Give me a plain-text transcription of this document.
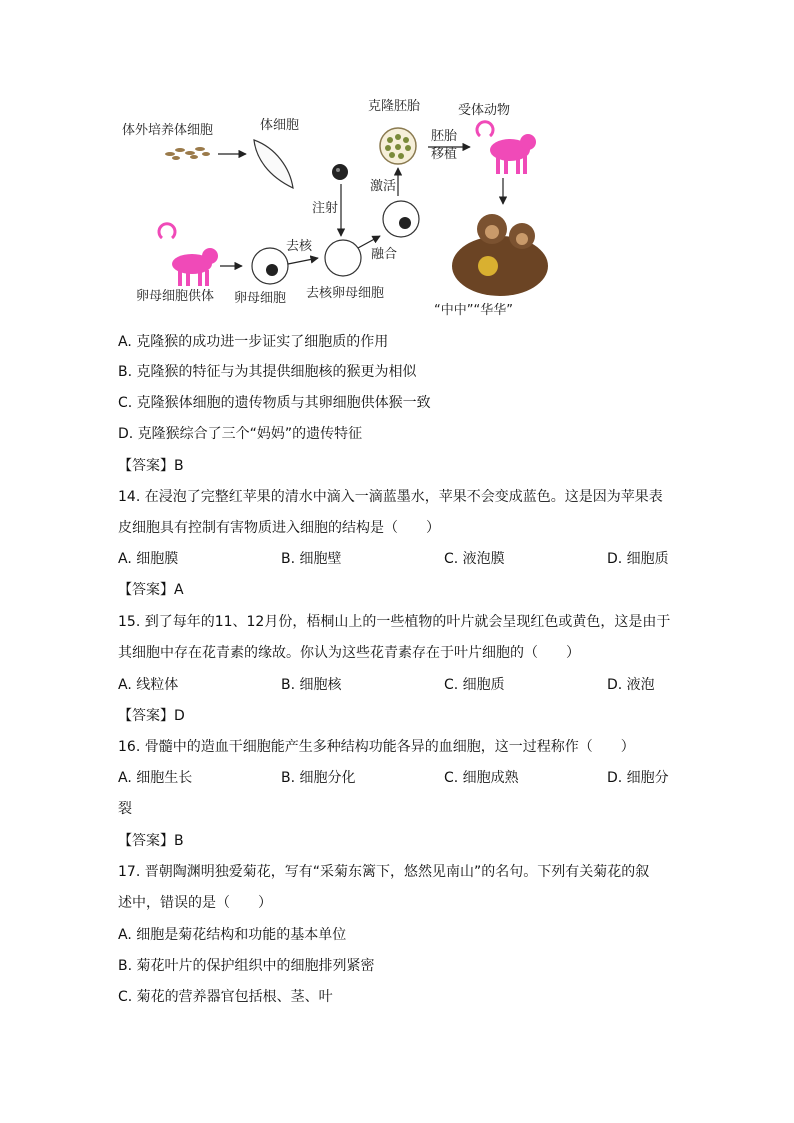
体外培养体细胞	体细胞
注射
克隆胚胎
胚胎
移植
受体动物
激活
融合
卵母细胞供体 卵母细胞
去核
去核卵母细胞
“中中”“华华”
A. 克隆猴的成功进一步证实了细胞质的作用
B. 克隆猴的特征与为其提供细胞核的猴更为相似
C. 克隆猴体细胞的遗传物质与其卵细胞供体猴一致
D. 克隆猴综合了三个“妈妈”的遗传特征
【答案】B
14. 在浸泡了完整红苹果的清水中滴入一滴蓝墨水，苹果不会变成蓝色。这是因为苹果表
皮细胞具有控制有害物质进入细胞的结构是（　　）
A. 细胞膜	B. 细胞壁	C. 液泡膜	D. 细胞质
【答案】A
15. 到了每年的11、12月份，梧桐山上的一些植物的叶片就会呈现红色或黄色，这是由于
其细胞中存在花青素的缘故。你认为这些花青素存在于叶片细胞的（　　）
A. 线粒体	B. 细胞核	C. 细胞质	D. 液泡
【答案】D
16. 骨髓中的造血干细胞能产生多种结构功能各异的血细胞，这一过程称作（　　）
A. 细胞生长	B. 细胞分化	C. 细胞成熟	D. 细胞分
裂
【答案】B
17. 晋朝陶渊明独爱菊花，写有“采菊东篱下，悠然见南山”的名句。下列有关菊花的叙
述中，错误的是（　　）
A. 细胞是菊花结构和功能的基本单位
B. 菊花叶片的保护组织中的细胞排列紧密
C. 菊花的营养器官包括根、茎、叶
